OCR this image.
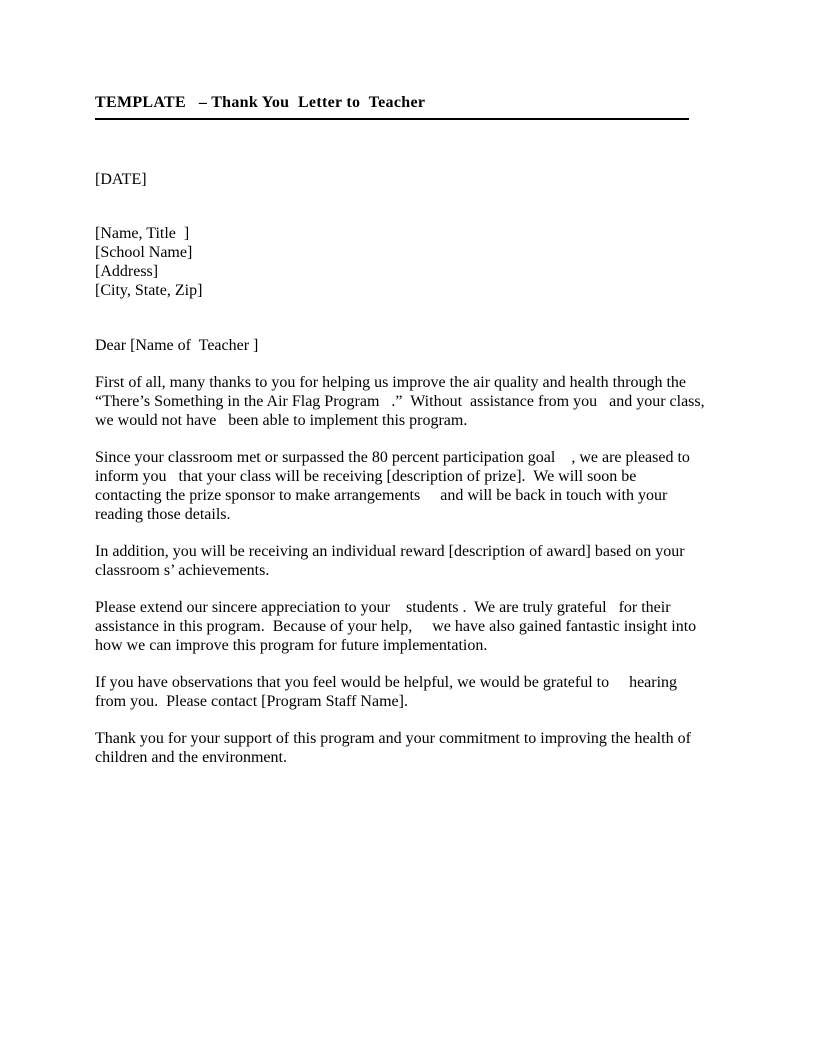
TEMPLATE   – Thank You  Letter to  Teacher

[DATE]

[Name, Title  ]
[School Name]
[Address]
[City, State, Zip]

Dear [Name of  Teacher ]

First of all, many thanks to you for helping us improve the air quality and health through the “There’s Something in the Air Flag Program   .”  Without  assistance from you   and your class, we would not have   been able to implement this program.

Since your classroom met or surpassed the 80 percent participation goal    , we are pleased to inform you   that your class will be receiving [description of prize].  We will soon be contacting the prize sponsor to make arrangements     and will be back in touch with your reading those details.

In addition, you will be receiving an individual reward [description of award] based on your classroom s’ achievements.

Please extend our sincere appreciation to your    students .  We are truly grateful   for their assistance in this program.  Because of your help,     we have also gained fantastic insight into how we can improve this program for future implementation.

If you have observations that you feel would be helpful, we would be grateful to     hearing  from you.  Please contact [Program Staff Name].

Thank you for your support of this program and your commitment to improving the health of children and the environment.
